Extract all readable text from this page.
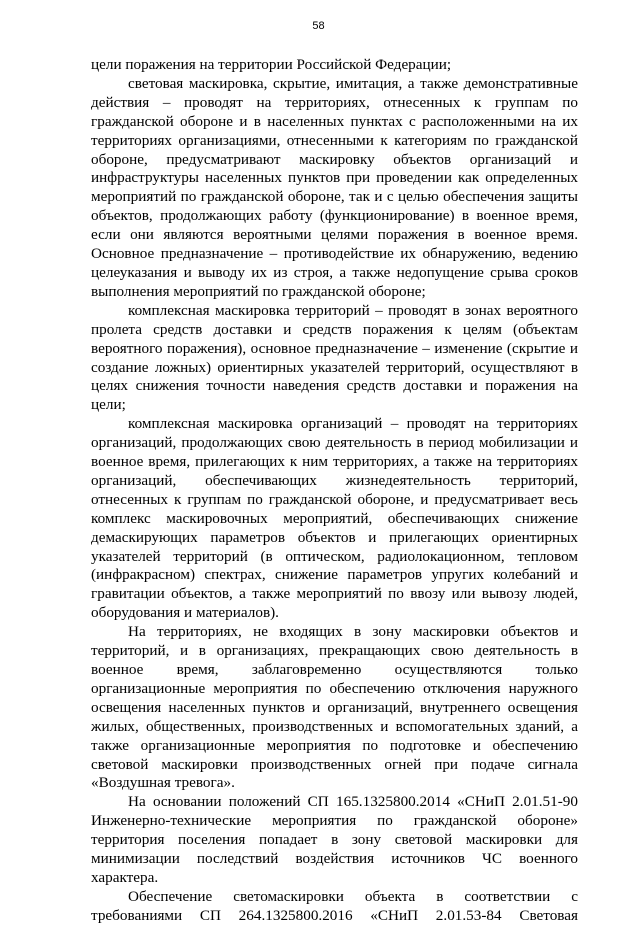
58

цели поражения на территории Российской Федерации;

световая маскировка, скрытие, имитация, а также демонстративные действия – проводят на территориях, отнесенных к группам по гражданской обороне и в населенных пунктах с расположенными на их территориях организациями, отнесенными к категориям по гражданской обороне, предусматривают маскировку объектов организаций и инфраструктуры населенных пунктов при проведении как определенных мероприятий по гражданской обороне, так и с целью обеспечения защиты объектов, продолжающих работу (функционирование) в военное время, если они являются вероятными целями поражения в военное время. Основное предназначение – противодействие их обнаружению, ведению целеуказания и выводу их из строя, а также недопущение срыва сроков выполнения мероприятий по гражданской обороне;

комплексная маскировка территорий – проводят в зонах вероятного пролета средств доставки и средств поражения к целям (объектам вероятного поражения), основное предназначение – изменение (скрытие и создание ложных) ориентирных указателей территорий, осуществляют в целях снижения точности наведения средств доставки и поражения на цели;

комплексная маскировка организаций – проводят на территориях организаций, продолжающих свою деятельность в период мобилизации и военное время, прилегающих к ним территориях, а также на территориях организаций, обеспечивающих жизнедеятельность территорий, отнесенных к группам по гражданской обороне, и предусматривает весь комплекс маскировочных мероприятий, обеспечивающих снижение демаскирующих параметров объектов и прилегающих ориентирных указателей территорий (в оптическом, радиолокационном, тепловом (инфракрасном) спектрах, снижение параметров упругих колебаний и гравитации объектов, а также мероприятий по ввозу или вывозу людей, оборудования и материалов).

На территориях, не входящих в зону маскировки объектов и территорий, и в организациях, прекращающих свою деятельность в военное время, заблаговременно осуществляются только организационные мероприятия по обеспечению отключения наружного освещения населенных пунктов и организаций, внутреннего освещения жилых, общественных, производственных и вспомогательных зданий, а также организационные мероприятия по подготовке и обеспечению световой маскировки производственных огней при подаче сигнала «Воздушная тревога».

На основании положений СП 165.1325800.2014 «СНиП 2.01.51-90 Инженерно-технические мероприятия по гражданской обороне» территория поселения попадает в зону световой маскировки для минимизации последствий воздействия источников ЧС военного характера.

Обеспечение светомаскировки объекта в соответствии с требованиями СП 264.1325800.2016 «СНиП 2.01.53-84 Световая
